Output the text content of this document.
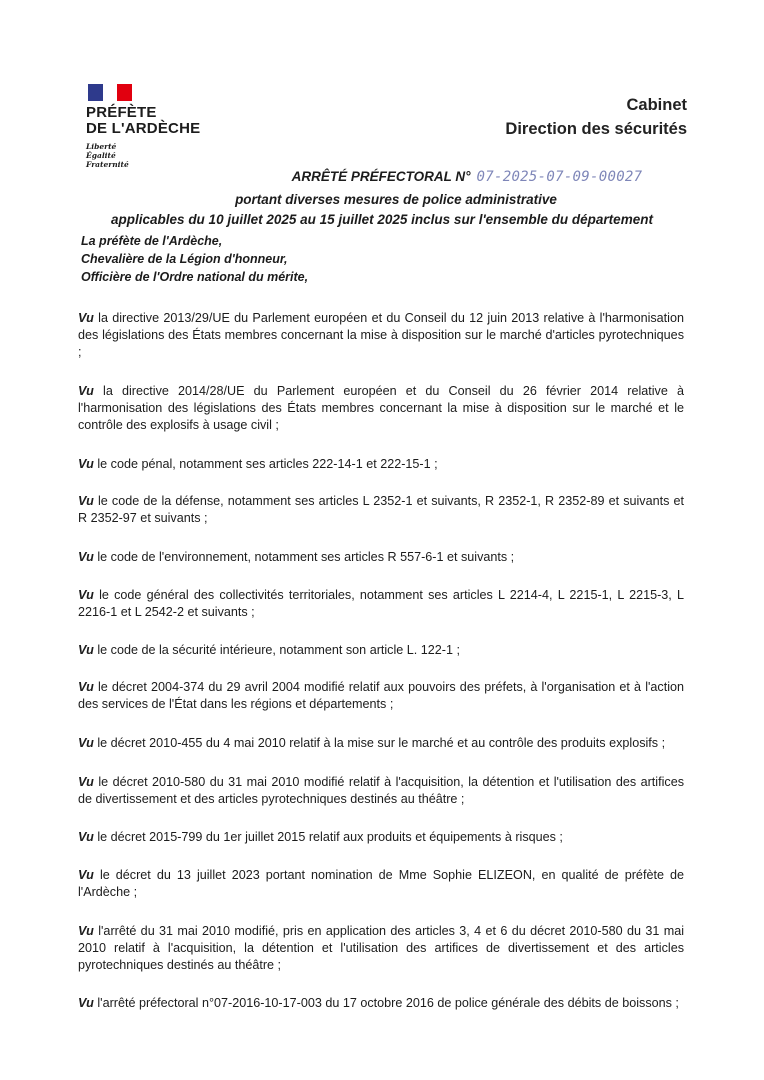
PRÉFÈTE
DE L'ARDÈCHE
Liberté
Égalité
Fraternité
Cabinet
Direction des sécurités
ARRÊTÉ PRÉFECTORAL N° 07-2025-07-09-00027
portant diverses mesures de police administrative
applicables du 10 juillet 2025 au 15 juillet 2025 inclus sur l'ensemble du département
La préfète de l'Ardèche,
Chevalière de la Légion d'honneur,
Officière de l'Ordre national du mérite,

Vu la directive 2013/29/UE du Parlement européen et du Conseil du 12 juin 2013 relative à l'harmonisation des législations des États membres concernant la mise à disposition sur le marché d'articles pyrotechniques ;

Vu la directive 2014/28/UE du Parlement européen et du Conseil du 26 février 2014 relative à l'harmonisation des législations des États membres concernant la mise à disposition sur le marché et le contrôle des explosifs à usage civil ;

Vu le code pénal, notamment ses articles 222-14-1 et 222-15-1 ;

Vu le code de la défense, notamment ses articles L 2352-1 et suivants, R 2352-1, R 2352-89 et suivants et R 2352-97 et suivants ;

Vu le code de l'environnement, notamment ses articles R 557-6-1 et suivants ;

Vu le code général des collectivités territoriales, notamment ses articles L 2214-4, L 2215-1, L 2215-3, L 2216-1 et L 2542-2 et suivants ;

Vu le code de la sécurité intérieure, notamment son article L. 122-1 ;

Vu le décret 2004-374 du 29 avril 2004 modifié relatif aux pouvoirs des préfets, à l'organisation et à l'action des services de l'État dans les régions et départements ;

Vu le décret 2010-455 du 4 mai 2010 relatif à la mise sur le marché et au contrôle des produits explosifs ;

Vu le décret 2010-580 du 31 mai 2010 modifié relatif à l'acquisition, la détention et l'utilisation des artifices de divertissement et des articles pyrotechniques destinés au théâtre ;

Vu le décret 2015-799 du 1er juillet 2015 relatif aux produits et équipements à risques ;

Vu le décret du 13 juillet 2023 portant nomination de Mme Sophie ELIZEON, en qualité de préfète de l'Ardèche ;

Vu l'arrêté du 31 mai 2010 modifié, pris en application des articles 3, 4 et 6 du décret 2010-580 du 31 mai 2010 relatif à l'acquisition, la détention et l'utilisation des artifices de divertissement et des articles pyrotechniques destinés au théâtre ;

Vu l'arrêté préfectoral n°07-2016-10-17-003 du 17 octobre 2016 de police générale des débits de boissons ;
